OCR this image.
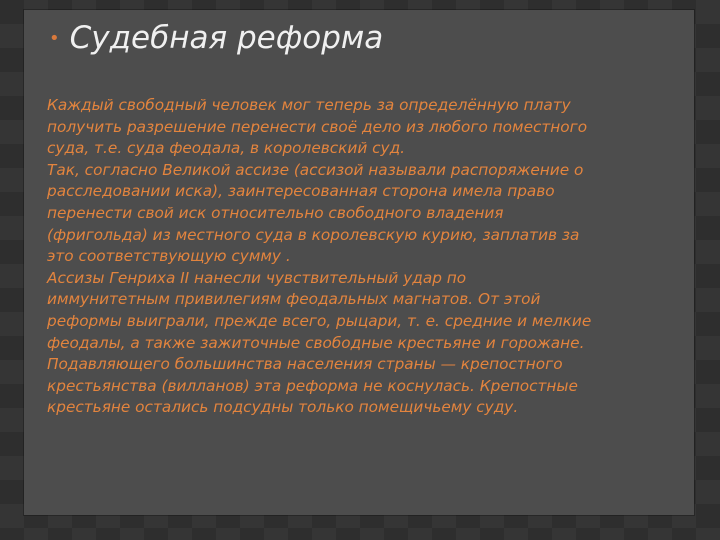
• Судебная реформа
Каждый свободный человек мог теперь за определённую плату
получить разрешение перенести своё дело из любого поместного
суда, т.е. суда феодала, в королевский суд.
Так, согласно Великой ассизе (ассизой называли распоряжение о
расследовании иска), заинтересованная сторона имела право
перенести свой иск относительно свободного владения
(фригольда) из местного суда в королевскую курию, заплатив за
это соответствующую сумму .
Ассизы Генриха II нанесли чувствительный удар по
иммунитетным привилегиям феодальных магнатов. От этой
реформы выиграли, прежде всего, рыцари, т. е. средние и мелкие
феодалы, а также зажиточные свободные крестьяне и горожане.
Подавляющего большинства населения страны — крепостного
крестьянства (вилланов) эта реформа не коснулась. Крепостные
крестьяне остались подсудны только помещичьему суду.
